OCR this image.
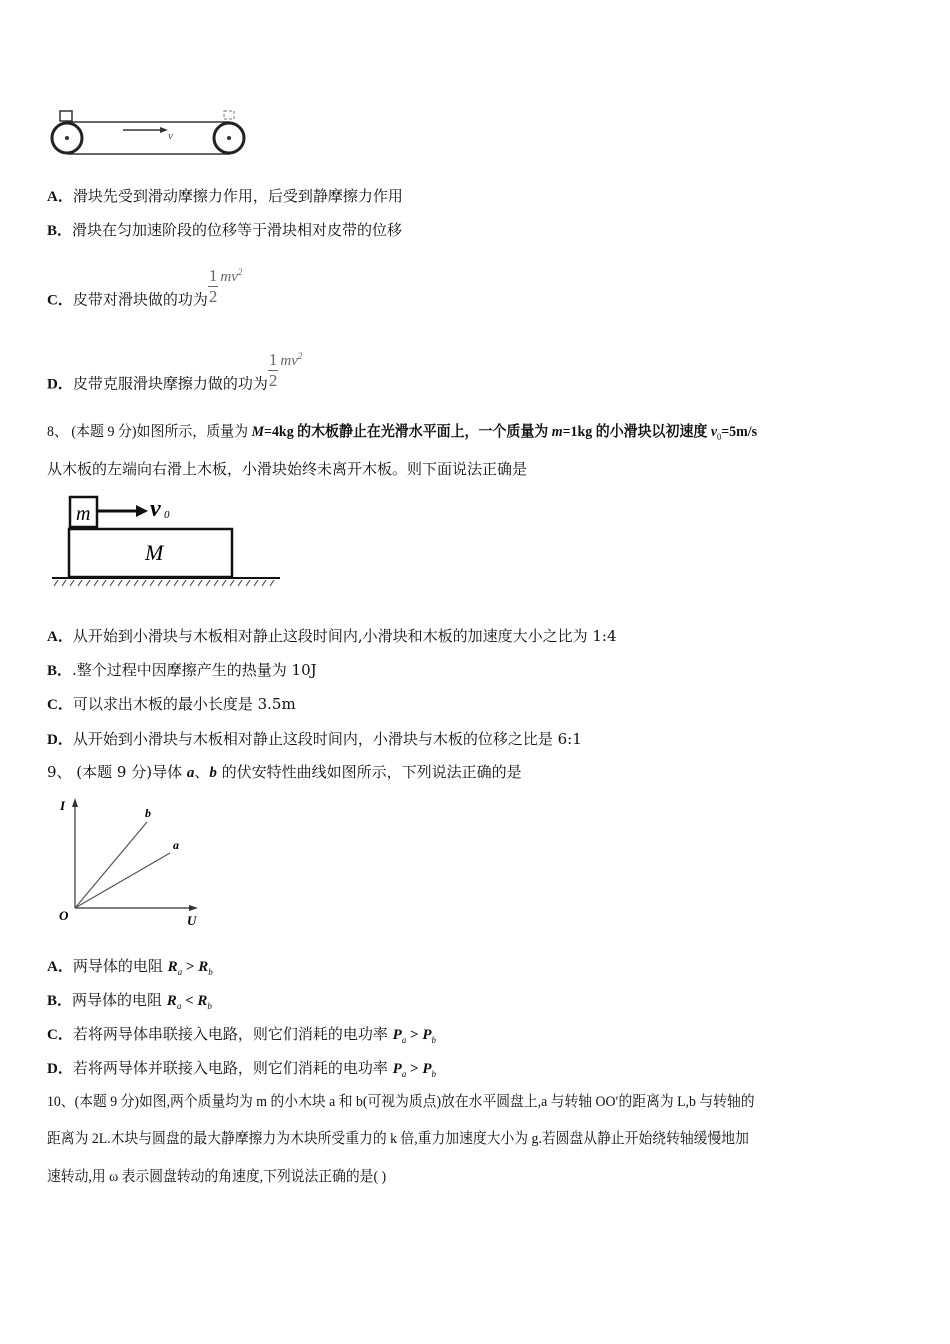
v
A．滑块先受到滑动摩擦力作用，后受到静摩擦力作用
B．滑块在匀加速阶段的位移等于滑块相对皮带的位移
C．皮带对滑块做的功为 $\frac{1}{2} mv^2$
D．皮带克服滑块摩擦力做的功为 $\frac{1}{2} mv^2$
8、 (本题 9 分)如图所示，质量为 M=4kg 的木板静止在光滑水平面上，一个质量为 m=1kg 的小滑块以初速度 $v_0=5m/s$
从木板的左端向右滑上木板，小滑块始终未离开木板。则下面说法正确是
m v 0
M
A．从开始到小滑块与木板相对静止这段时间内,小滑块和木板的加速度大小之比为 1:4
B．.整个过程中因摩擦产生的热量为 10J
C．可以求出木板的最小长度是 3.5m
D．从开始到小滑块与木板相对静止这段时间内，小滑块与木板的位移之比是 6:1
9、 (本题 9 分)导体 a、b 的伏安特性曲线如图所示，下列说法正确的是
I
U
O
b
a
A．两导体的电阻 $R_a > R_b$
B．两导体的电阻 $R_a < R_b$
C．若将两导体串联接入电路，则它们消耗的电功率 $P_a > P_b$
D．若将两导体并联接入电路，则它们消耗的电功率 $P_a > P_b$
10、(本题 9 分)如图,两个质量均为 m 的小木块 a 和 b(可视为质点)放在水平圆盘上,a 与转轴 OO′的距离为 L,b 与转轴的
距离为 2L.木块与圆盘的最大静摩擦力为木块所受重力的 k 倍,重力加速度大小为 g.若圆盘从静止开始绕转轴缓慢地加
速转动,用 ω 表示圆盘转动的角速度,下列说法正确的是( )
